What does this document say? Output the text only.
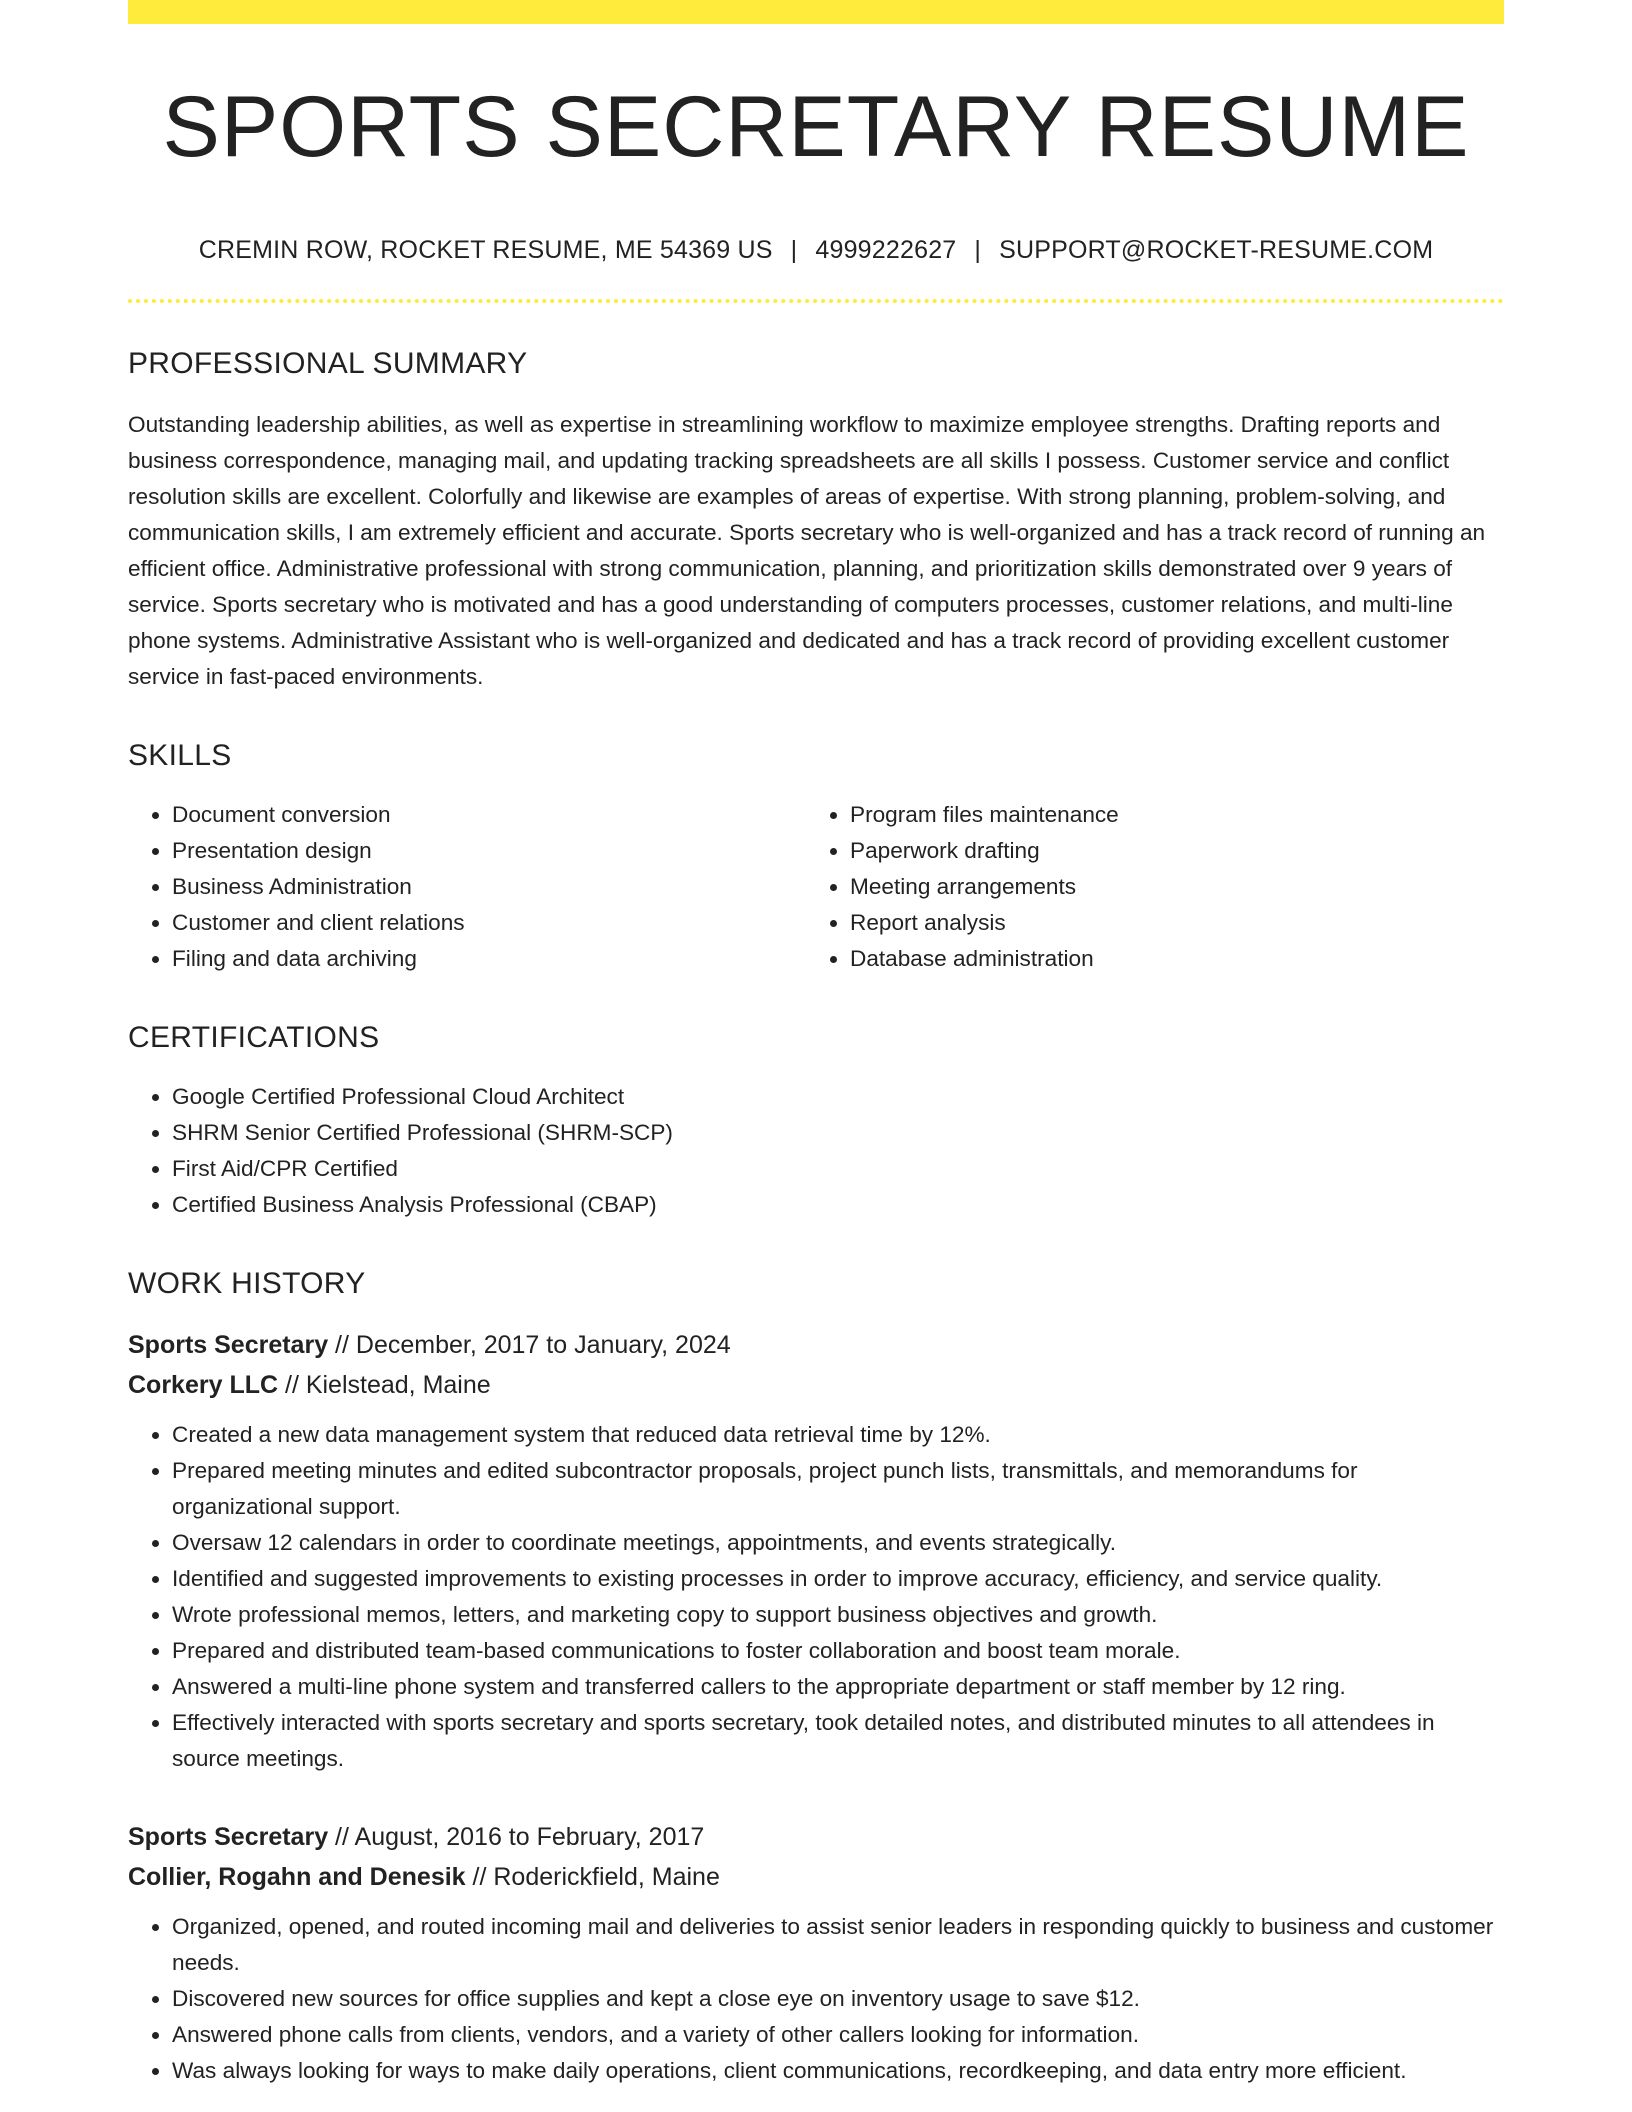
SPORTS SECRETARY RESUME
CREMIN ROW, ROCKET RESUME, ME 54369 US | 4999222627 | SUPPORT@ROCKET-RESUME.COM
PROFESSIONAL SUMMARY

Outstanding leadership abilities, as well as expertise in streamlining workflow to maximize employee strengths. Drafting reports and business correspondence, managing mail, and updating tracking spreadsheets are all skills I possess. Customer service and conflict resolution skills are excellent. Colorfully and likewise are examples of areas of expertise. With strong planning, problem-solving, and communication skills, I am extremely efficient and accurate. Sports secretary who is well-organized and has a track record of running an efficient office. Administrative professional with strong communication, planning, and prioritization skills demonstrated over 9 years of service. Sports secretary who is motivated and has a good understanding of computers processes, customer relations, and multi-line phone systems. Administrative Assistant who is well-organized and dedicated and has a track record of providing excellent customer service in fast-paced environments.

SKILLS
• Document conversion
• Presentation design
• Business Administration
• Customer and client relations
• Filing and data archiving
• Program files maintenance
• Paperwork drafting
• Meeting arrangements
• Report analysis
• Database administration
CERTIFICATIONS
• Google Certified Professional Cloud Architect
• SHRM Senior Certified Professional (SHRM-SCP)
• First Aid/CPR Certified
• Certified Business Analysis Professional (CBAP)
WORK HISTORY
Sports Secretary // December, 2017 to January, 2024
Corkery LLC // Kielstead, Maine
• Created a new data management system that reduced data retrieval time by 12%.
• Prepared meeting minutes and edited subcontractor proposals, project punch lists, transmittals, and memorandums for organizational support.
• Oversaw 12 calendars in order to coordinate meetings, appointments, and events strategically.
• Identified and suggested improvements to existing processes in order to improve accuracy, efficiency, and service quality.
• Wrote professional memos, letters, and marketing copy to support business objectives and growth.
• Prepared and distributed team-based communications to foster collaboration and boost team morale.
• Answered a multi-line phone system and transferred callers to the appropriate department or staff member by 12 ring.
• Effectively interacted with sports secretary and sports secretary, took detailed notes, and distributed minutes to all attendees in source meetings.
Sports Secretary // August, 2016 to February, 2017
Collier, Rogahn and Denesik // Roderickfield, Maine
• Organized, opened, and routed incoming mail and deliveries to assist senior leaders in responding quickly to business and customer needs.
• Discovered new sources for office supplies and kept a close eye on inventory usage to save $12.
• Answered phone calls from clients, vendors, and a variety of other callers looking for information.
• Was always looking for ways to make daily operations, client communications, recordkeeping, and data entry more efficient.
